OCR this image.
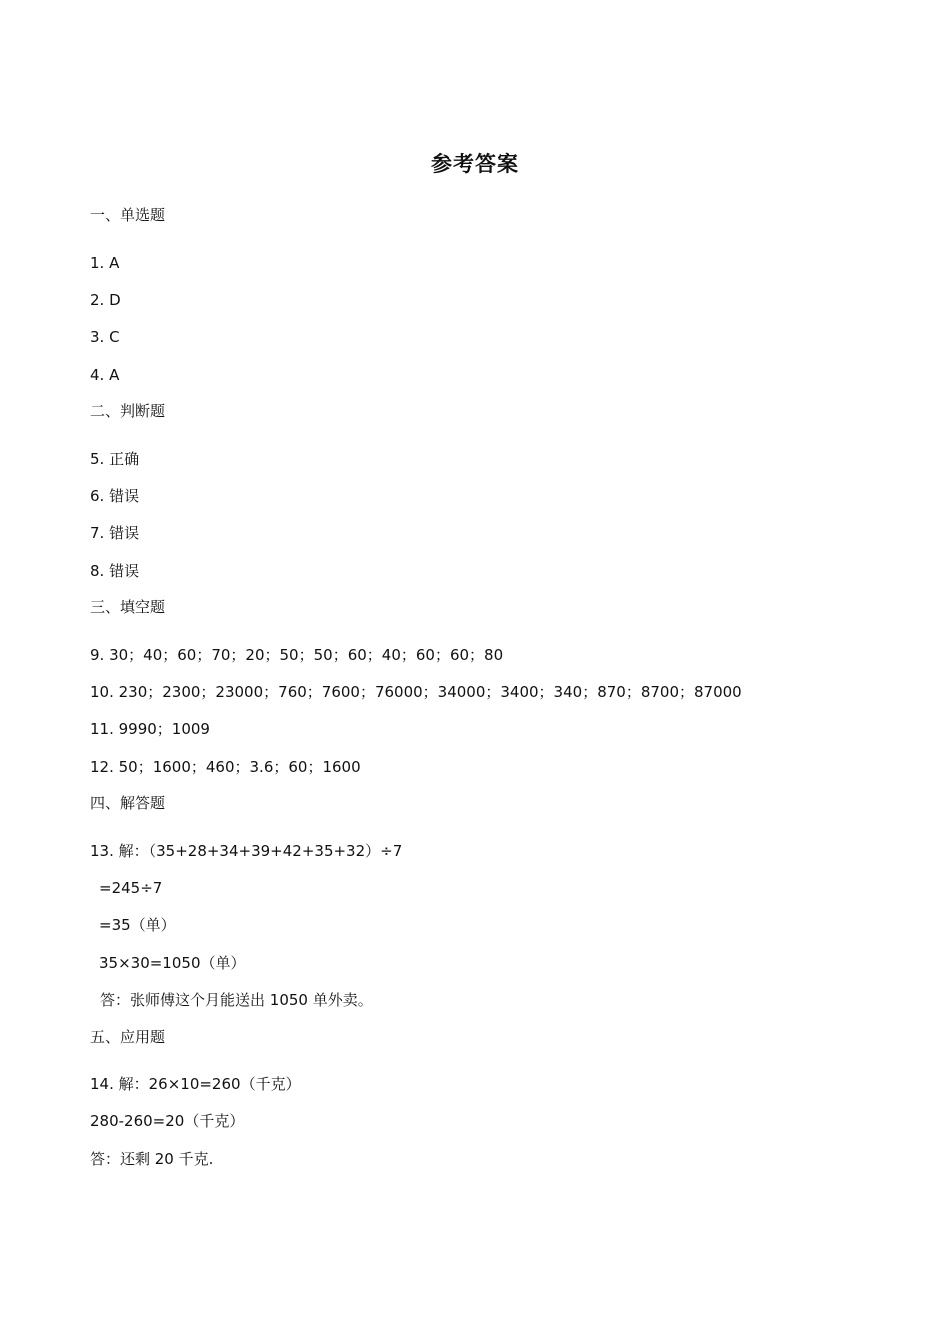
参考答案
一、单选题
1. A
2. D
3. C
4. A
二、判断题
5. 正确
6. 错误
7. 错误
8. 错误
三、填空题
9. 30；40；60；70；20；50；50；60；40；60；60；80
10. 230；2300；23000；760；7600；76000；34000；3400；340；870；8700；87000
11. 9990；1009
12. 50；1600；460；3.6；60；1600
四、解答题
13. 解：（35+28+34+39+42+35+32）÷7
=245÷7
=35（单）
35×30=1050（单）
答：张师傅这个月能送出 1050 单外卖。
五、应用题
14. 解：26×10=260（千克）
280-260=20（千克）
答：还剩 20 千克.
